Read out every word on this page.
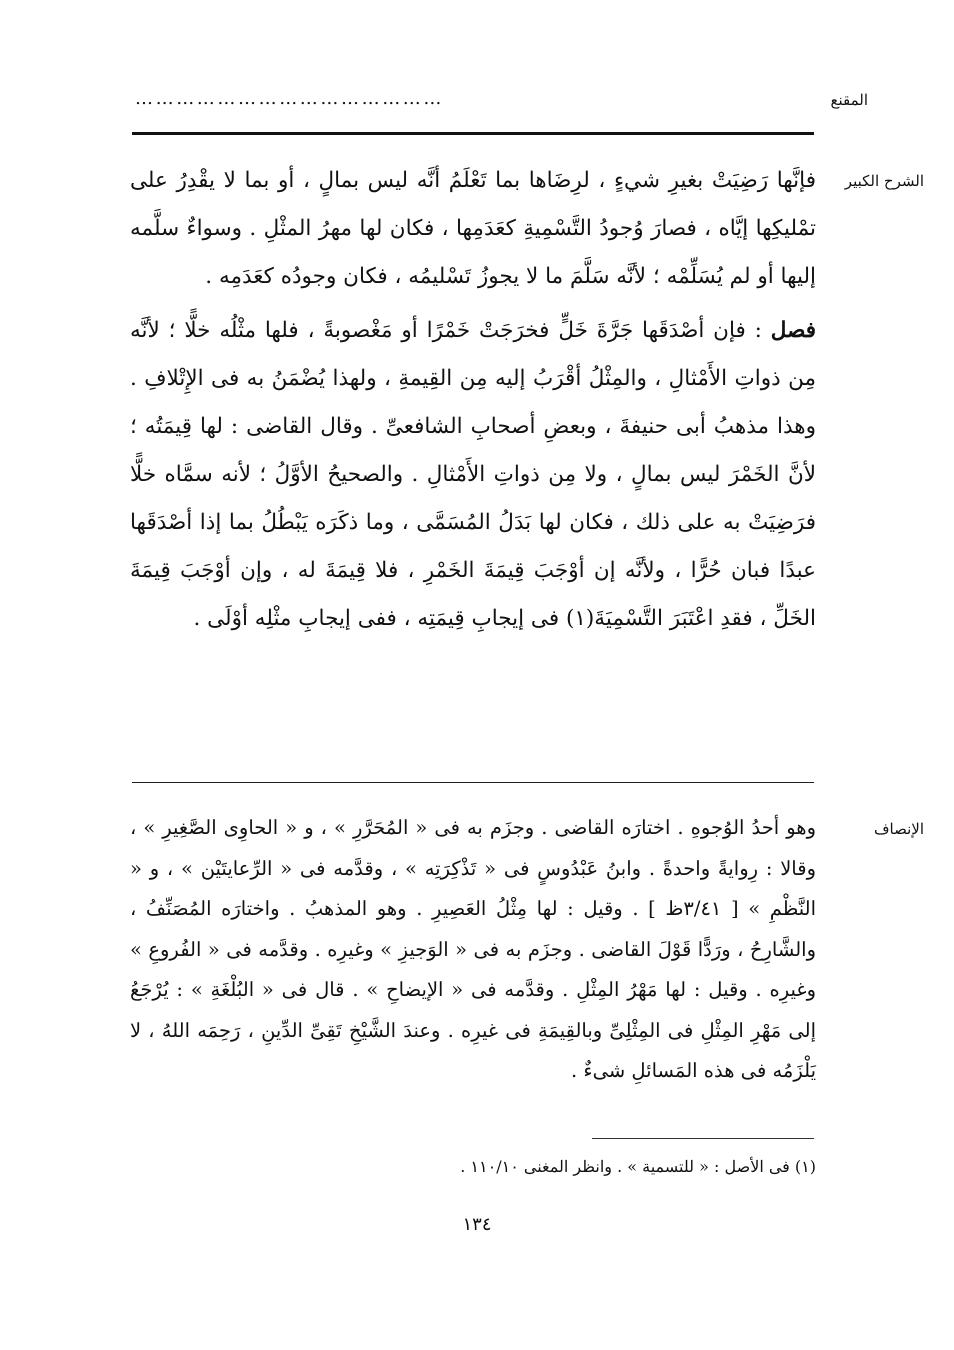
المقنع
………………………………………
الشرح الكبير

فإنَّها رَضِيَتْ بغيرِ شيءٍ ، لرِضَاها بما تَعْلَمُ أنَّه ليس بمالٍ ، أو بما لا يقْدِرُ على تمْليكِها إيَّاه ، فصارَ وُجودُ التَّسْمِيةِ كعَدَمِها ، فكان لها مهرُ المثْلِ . وسواءٌ سلَّمه إليها أو لم يُسَلِّمْه ؛ لأنَّه سَلَّمَ ما لا يجوزُ تَسْليمُه ، فكان وجودُه كعَدَمِه .

فصل : فإن أصْدَقَها جَرَّةَ خَلٍّ فخرَجَتْ خَمْرًا أو مَغْصوبةً ، فلها مثْلُه خلًّا ؛ لأنَّه مِن ذواتِ الأَمْثالِ ، والمِثْلُ أقْرَبُ إليه مِن القِيمةِ ، ولهذا يُضْمَنُ به فى الإِتْلافِ . وهذا مذهبُ أبى حنيفةَ ، وبعضِ أصحابِ الشافعىِّ . وقال القاضى : لها قِيمَتُه ؛ لأنَّ الخَمْرَ ليس بمالٍ ، ولا مِن ذواتِ الأَمْثالِ . والصحيحُ الأوَّلُ ؛ لأنه سمَّاه خلًّا فرَضِيَتْ به على ذلك ، فكان لها بَدَلُ المُسَمَّى ، وما ذكَرَه يَبْطُلُ بما إذا أصْدَقَها عبدًا فبان حُرًّا ، ولأنَّه إن أوْجَبَ قِيمَةَ الخَمْرِ ، فلا قِيمَةَ له ، وإن أوْجَبَ قِيمَةَ الخَلِّ ، فقدِ اعْتَبَرَ التَّسْمِيَةَ(١) فى إيجابِ قِيمَتِه ، ففى إيجابِ مثْلِه أوْلَى .

الإنصاف

وهو أحدُ الوُجوهِ . اختارَه القاضى . وجزَم به فى « المُحَرَّرِ » ، و « الحاوِى الصَّغِيرِ » ، وقالا : رِوايةً واحدةً . وابنُ عَبْدُوسٍ فى « تَذْكِرَتِه » ، وقدَّمه فى « الرِّعايتَيْن » ، و « النَّظْمِ » [ ٣/٤١ظ ] . وقيل : لها مِثْلُ العَصِيرِ . وهو المذهبُ . واختارَه المُصَنِّفُ ، والشَّارِحُ ، ورَدًّا قَوْلَ القاضى . وجزَم به فى « الوَجيزِ » وغيرِه . وقدَّمه فى « الفُروعِ » وغيرِه . وقيل : لها مَهْرُ المِثْلِ . وقدَّمه فى « الإيضاحِ » . قال فى « البُلْغَةِ » : يُرْجَعُ إلى مَهْرِ المِثْلِ فى المِثْلِىِّ وبالقِيمَةِ فى غيرِه . وعندَ الشَّيْخِ تَقِىِّ الدِّينِ ، رَحِمَه اللهُ ، لا يَلْزَمُه فى هذه المَسائلِ شىءٌ .

(١) فى الأصل : « للتسمية » . وانظر المغنى ١١٠/١٠ .
١٣٤
